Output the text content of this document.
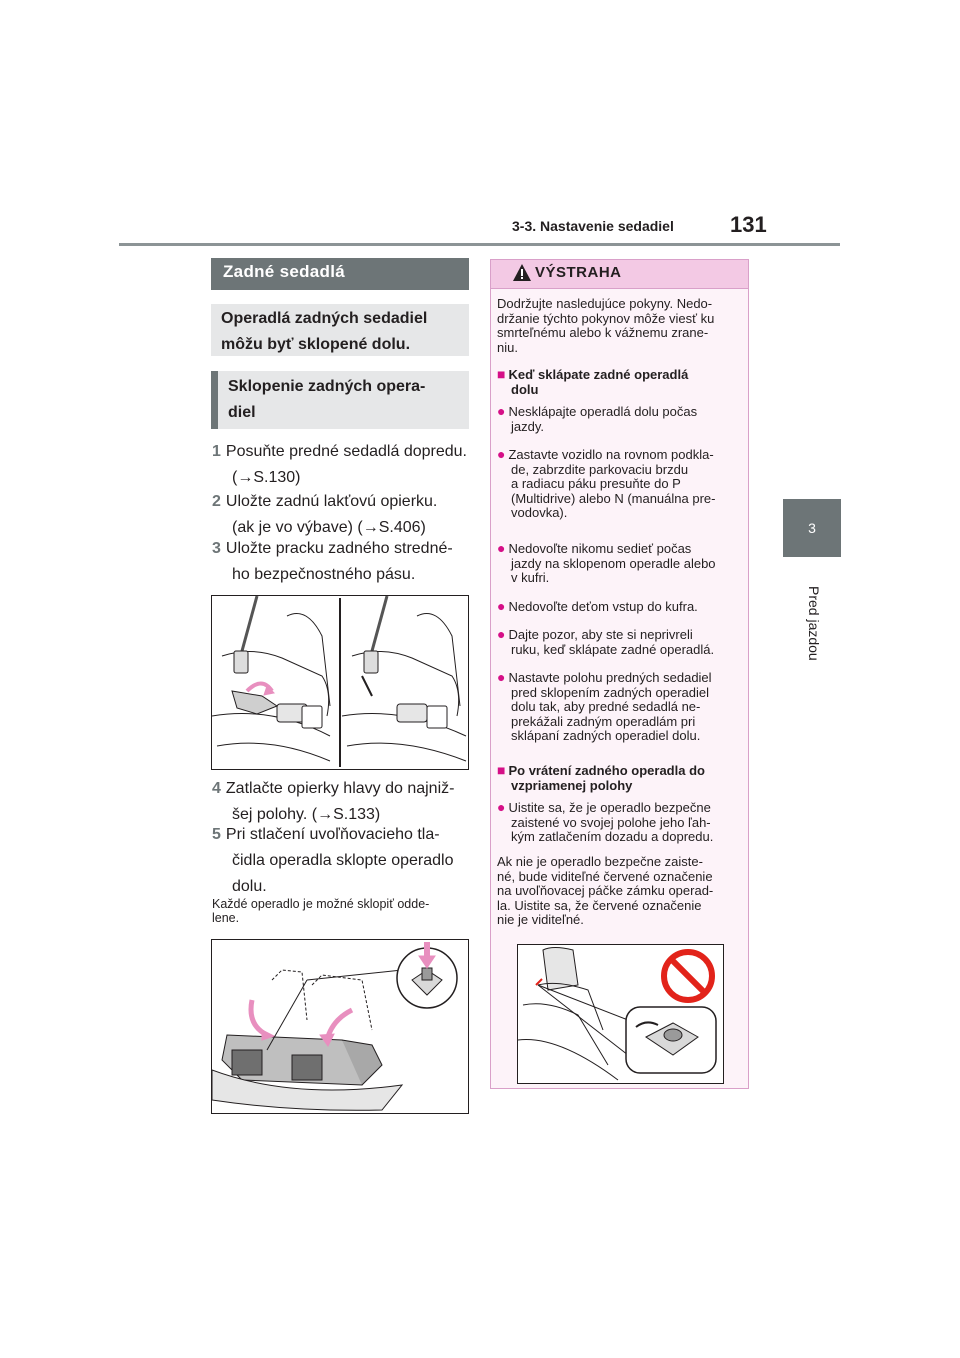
3-3. Nastavenie sedadiel	131
3
Pred jazdou
Zadné sedadlá
Operadlá zadných sedadiel
môžu byť sklopené dolu.
Sklopenie zadných opera-
diel
1 Posuňte predné sedadlá dopredu.
(→S.130)
2 Uložte zadnú lakťovú opierku.
(ak je vo výbave) (→S.406)
3 Uložte pracku zadného stredné-
ho bezpečnostného pásu.
4 Zatlačte opierky hlavy do najniž-
šej polohy. (→S.133)
5 Pri stlačení uvoľňovacieho tla-
čidla operadla sklopte operadlo
dolu.
Každé operadlo je možné sklopiť odde-
lene.
VÝSTRAHA
Dodržujte nasledujúce pokyny. Nedo-
držanie týchto pokynov môže viesť ku
smrteľnému alebo k vážnemu zrane-
niu.
■ Keď sklápate zadné operadlá
dolu
● Nesklápajte operadlá dolu počas
jazdy.
● Zastavte vozidlo na rovnom podkla-
de, zabrzdite parkovaciu brzdu
a radiacu páku presuňte do P
(Multidrive) alebo N (manuálna pre-
vodovka).
● Nedovoľte nikomu sedieť počas
jazdy na sklopenom operadle alebo
v kufri.
● Nedovoľte deťom vstup do kufra.
● Dajte pozor, aby ste si neprivreli
ruku, keď sklápate zadné operadlá.
● Nastavte polohu predných sedadiel
pred sklopením zadných operadiel
dolu tak, aby predné sedadlá ne-
prekážali zadným operadlám pri
sklápaní zadných operadiel dolu.
■ Po vrátení zadného operadla do
vzpriamenej polohy
● Uistite sa, že je operadlo bezpečne
zaistené vo svojej polohe jeho ľah-
kým zatlačením dozadu a dopredu.
Ak nie je operadlo bezpečne zaiste-
né, bude viditeľné červené označenie
na uvoľňovacej páčke zámku operad-
la. Uistite sa, že červené označenie
nie je viditeľné.
